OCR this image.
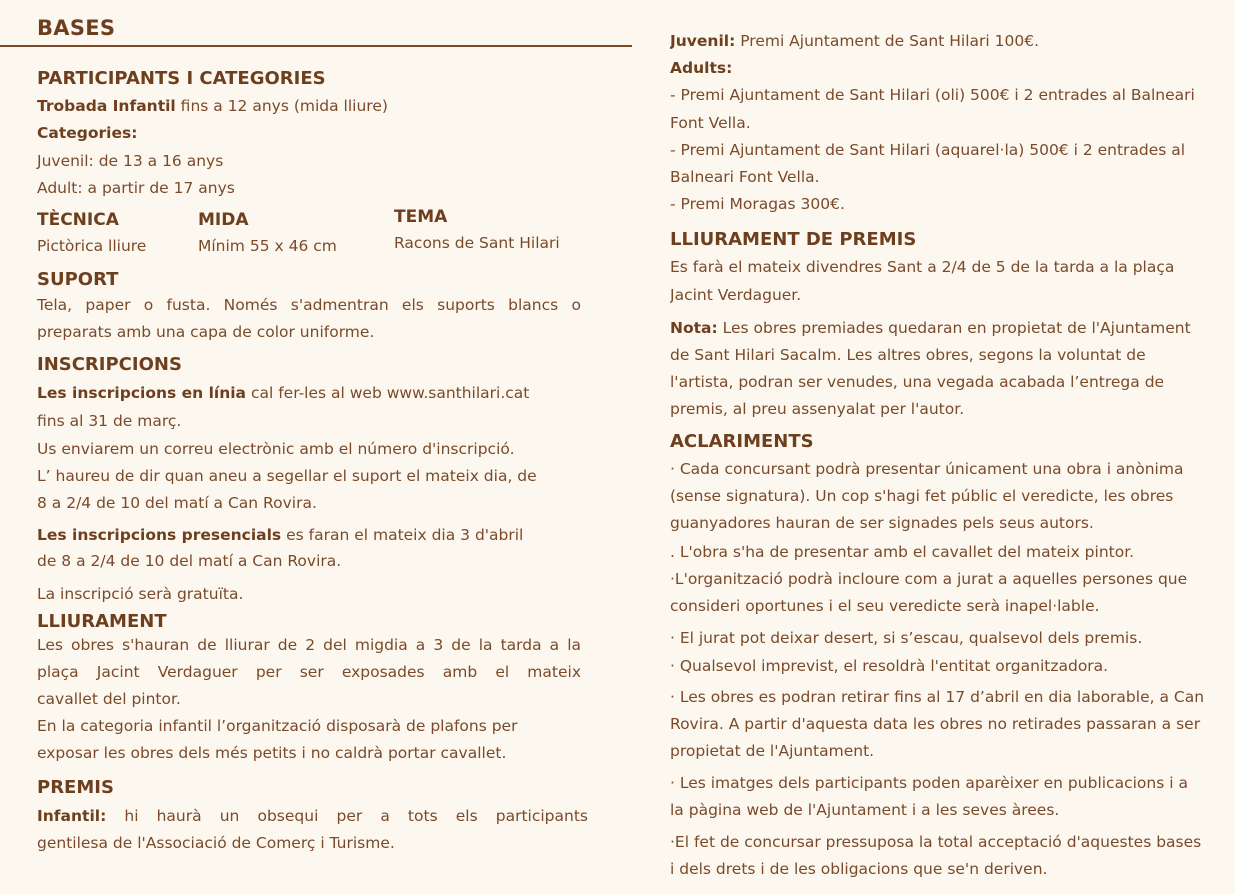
BASES
PARTICIPANTS I CATEGORIES
Trobada Infantil fins a 12 anys (mida lliure)
Categories:
Juvenil: de 13 a 16 anys
Adult: a partir de 17 anys
TÈCNICA
Pictòrica lliure
MIDA
Mínim 55 x 46 cm
TEMA
Racons de Sant Hilari
SUPORT
Tela, paper o fusta. Només s'admentran els suports blancs o
preparats amb una capa de color uniforme.
INSCRIPCIONS
Les inscripcions en línia cal fer-les al web www.santhilari.cat
fins al 31 de març.
Us enviarem un correu electrònic amb el número d'inscripció.
L’ haureu de dir quan aneu a segellar el suport el mateix dia, de
8 a 2/4 de 10 del matí a Can Rovira.
Les inscripcions presencials es faran el mateix dia 3 d'abril
de 8 a 2/4 de 10 del matí a Can Rovira.
La inscripció serà gratuïta.
LLIURAMENT
Les obres s'hauran de lliurar de 2 del migdia a 3 de la tarda a la
plaça Jacint Verdaguer per ser exposades amb el mateix
cavallet del pintor.
En la categoria infantil l’organització disposarà de plafons per
exposar les obres dels més petits i no caldrà portar cavallet.
PREMIS
Infantil: hi haurà un obsequi per a tots els participants
gentilesa de l'Associació de Comerç i Turisme.
Juvenil: Premi Ajuntament de Sant Hilari 100€.
Adults:
- Premi Ajuntament de Sant Hilari (oli) 500€ i 2 entrades al Balneari
Font Vella.
- Premi Ajuntament de Sant Hilari (aquarel·la) 500€ i 2 entrades al
Balneari Font Vella.
- Premi Moragas 300€.
LLIURAMENT DE PREMIS
Es farà el mateix divendres Sant a 2/4 de 5 de la tarda a la plaça
Jacint Verdaguer.
Nota: Les obres premiades quedaran en propietat de l'Ajuntament
de Sant Hilari Sacalm. Les altres obres, segons la voluntat de
l'artista, podran ser venudes, una vegada acabada l’entrega de
premis, al preu assenyalat per l'autor.
ACLARIMENTS
· Cada concursant podrà presentar únicament una obra i anònima
(sense signatura). Un cop s'hagi fet públic el veredicte, les obres
guanyadores hauran de ser signades pels seus autors.
. L'obra s'ha de presentar amb el cavallet del mateix pintor.
·L'organització podrà incloure com a jurat a aquelles persones que
consideri oportunes i el seu veredicte serà inapel·lable.
· El jurat pot deixar desert, si s’escau, qualsevol dels premis.
· Qualsevol imprevist, el resoldrà l'entitat organitzadora.
· Les obres es podran retirar fins al 17 d’abril en dia laborable, a Can
Rovira. A partir d'aquesta data les obres no retirades passaran a ser
propietat de l'Ajuntament.
· Les imatges dels participants poden aparèixer en publicacions i a
la pàgina web de l'Ajuntament i a les seves àrees.
·El fet de concursar pressuposa la total acceptació d'aquestes bases
i dels drets i de les obligacions que se'n deriven.
